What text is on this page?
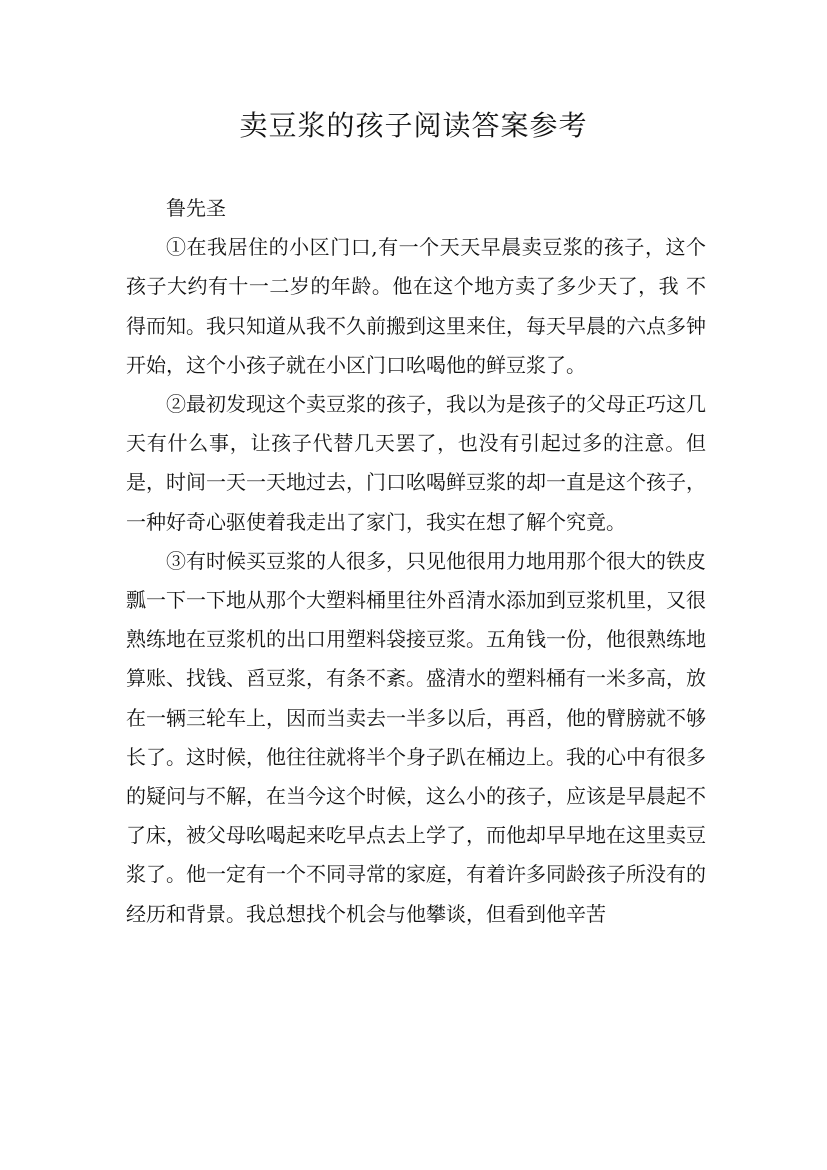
卖豆浆的孩子阅读答案参考

鲁先圣

①在我居住的小区门口,有一个天天早晨卖豆浆的孩子，这个孩子大约有十一二岁的年龄。他在这个地方卖了多少天了，我 不得而知。我只知道从我不久前搬到这里来住，每天早晨的六点多钟开始，这个小孩子就在小区门口吆喝他的鲜豆浆了。

②最初发现这个卖豆浆的孩子，我以为是孩子的父母正巧这几天有什么事，让孩子代替几天罢了，也没有引起过多的注意。但是，时间一天一天地过去，门口吆喝鲜豆浆的却一直是这个孩子，一种好奇心驱使着我走出了家门，我实在想了解个究竟。

③有时候买豆浆的人很多，只见他很用力地用那个很大的铁皮瓢一下一下地从那个大塑料桶里往外舀清水添加到豆浆机里，又很熟练地在豆浆机的出口用塑料袋接豆浆。五角钱一份，他很熟练地算账、找钱、舀豆浆，有条不紊。盛清水的塑料桶有一米多高，放在一辆三轮车上，因而当卖去一半多以后，再舀，他的臂膀就不够长了。这时候，他往往就将半个身子趴在桶边上。我的心中有很多的疑问与不解，在当今这个时候，这么小的孩子，应该是早晨起不了床，被父母吆喝起来吃早点去上学了，而他却早早地在这里卖豆浆了。他一定有一个不同寻常的家庭，有着许多同龄孩子所没有的经历和背景。我总想找个机会与他攀谈，但看到他辛苦
